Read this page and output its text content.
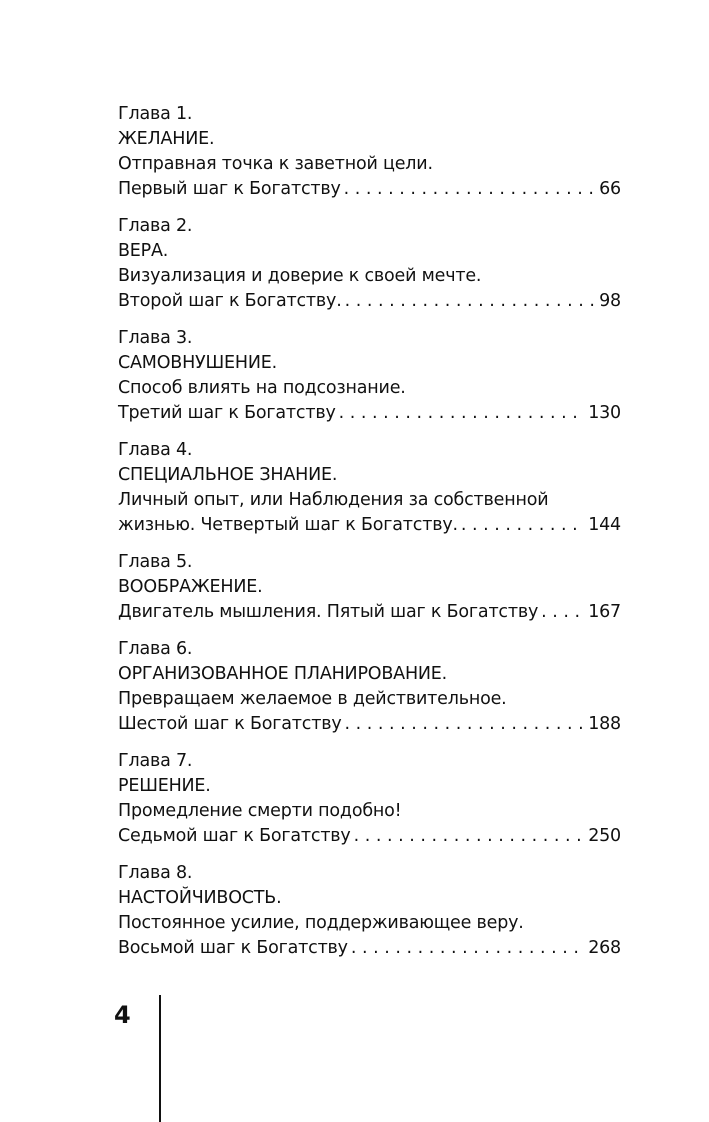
Глава 1.
ЖЕЛАНИЕ.
Отправная точка к заветной цели.
Первый шаг к Богатству . . .	66
Глава 2.
ВЕРА.
Визуализация и доверие к своей мечте.
Второй шаг к Богатству. . . .	98
Глава 3.
САМОВНУШЕНИЕ.
Способ влиять на подсознание.
Третий шаг к Богатству . . .	130
Глава 4.
СПЕЦИАЛЬНОЕ ЗНАНИЕ.
Личный опыт, или Наблюдения за собственной
жизнью. Четвертый шаг к Богатству. . . .	144
Глава 5.
ВООБРАЖЕНИЕ.
Двигатель мышления. Пятый шаг к Богатству . . .	167
Глава 6.
ОРГАНИЗОВАННОЕ ПЛАНИРОВАНИЕ.
Превращаем желаемое в действительное.
Шестой шаг к Богатству . . .	188
Глава 7.
РЕШЕНИЕ.
Промедление смерти подобно!
Седьмой шаг к Богатству . . .	250
Глава 8.
НАСТОЙЧИВОСТЬ.
Постоянное усилие, поддерживающее веру.
Восьмой шаг к Богатству . . .	268
4
